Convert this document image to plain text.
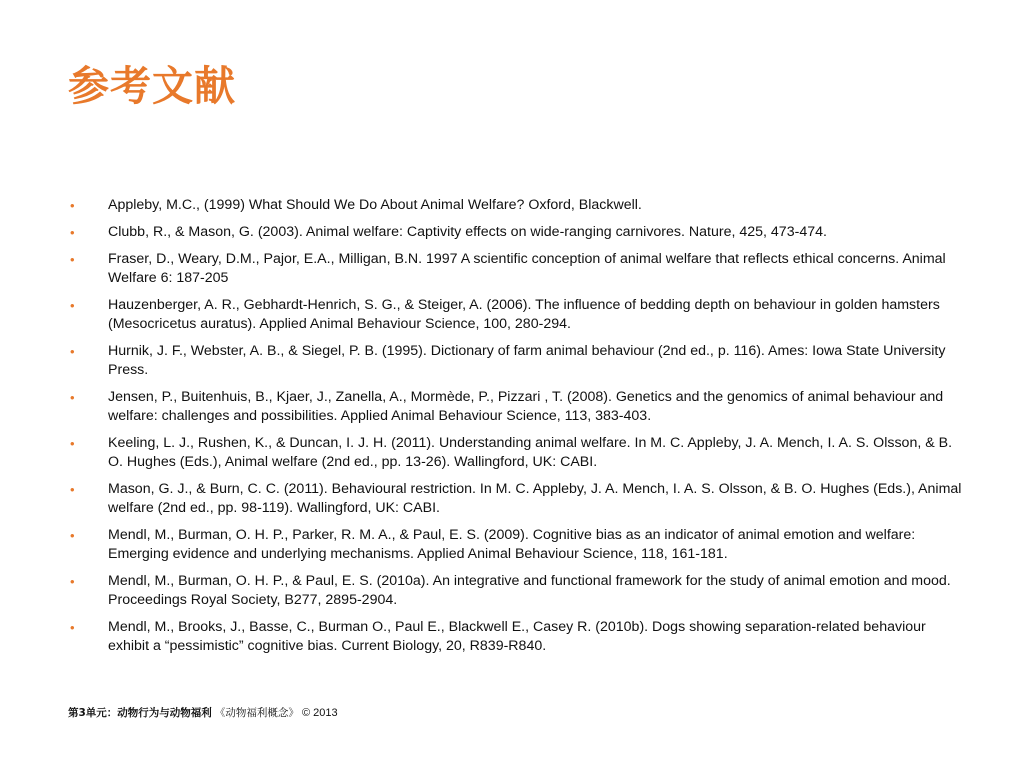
参考文献
• Appleby, M.C., (1999) What Should We Do About Animal Welfare? Oxford, Blackwell.
• Clubb, R., & Mason, G. (2003). Animal welfare: Captivity effects on wide-ranging carnivores. Nature, 425, 473-474.
• Fraser, D., Weary, D.M., Pajor, E.A., Milligan, B.N. 1997 A scientific conception of animal welfare that reflects ethical concerns. Animal Welfare 6: 187-205
• Hauzenberger, A. R., Gebhardt-Henrich, S. G., & Steiger, A. (2006). The influence of bedding depth on behaviour in golden hamsters (Mesocricetus auratus). Applied Animal Behaviour Science, 100, 280-294.
• Hurnik, J. F., Webster, A. B., & Siegel, P. B. (1995). Dictionary of farm animal behaviour (2nd ed., p. 116). Ames: Iowa State University Press.
• Jensen, P., Buitenhuis, B., Kjaer, J., Zanella, A., Mormède, P., Pizzari , T. (2008). Genetics and the genomics of animal behaviour and welfare: challenges and possibilities. Applied Animal Behaviour Science, 113, 383-403.
• Keeling, L. J., Rushen, K., & Duncan, I. J. H. (2011). Understanding animal welfare. In M. C. Appleby, J. A. Mench, I. A. S. Olsson, & B. O. Hughes (Eds.), Animal welfare (2nd ed., pp. 13-26). Wallingford, UK: CABI.
• Mason, G. J., & Burn, C. C. (2011). Behavioural restriction. In M. C. Appleby, J. A. Mench, I. A. S. Olsson, & B. O. Hughes (Eds.), Animal welfare (2nd ed., pp. 98-119). Wallingford, UK: CABI.
• Mendl, M., Burman, O. H. P., Parker, R. M. A., & Paul, E. S. (2009). Cognitive bias as an indicator of animal emotion and welfare: Emerging evidence and underlying mechanisms. Applied Animal Behaviour Science, 118, 161-181.
• Mendl, M., Burman, O. H. P., & Paul, E. S. (2010a). An integrative and functional framework for the study of animal emotion and mood. Proceedings Royal Society, B277, 2895-2904.
• Mendl, M., Brooks, J., Basse, C., Burman O., Paul E., Blackwell E., Casey R. (2010b). Dogs showing separation-related behaviour exhibit a “pessimistic” cognitive bias. Current Biology, 20, R839-R840.
第3单元：动物行为与动物福利 《动物福利概念》 © 2013
